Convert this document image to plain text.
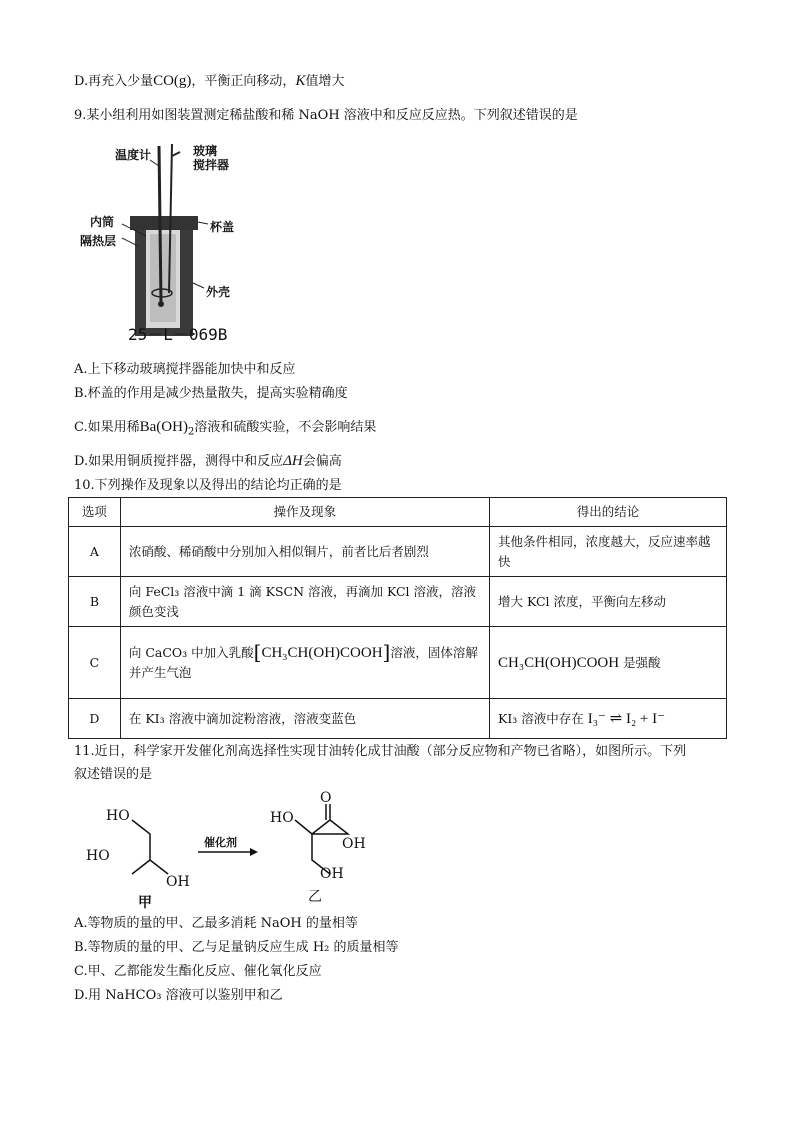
D.再充入少量CO(g)，平衡正向移动，K值增大
9.某小组利用如图装置测定稀盐酸和稀 NaOH 溶液中和反应反应热。下列叙述错误的是
温度计	玻璃
搅拌器
内筒
隔热层
杯盖
外壳
25－L－069B
A.上下移动玻璃搅拌器能加快中和反应
B.杯盖的作用是减少热量散失，提高实验精确度
C.如果用稀$Ba(OH)_2$溶液和硫酸实验，不会影响结果
D.如果用铜质搅拌器，测得中和反应ΔH会偏高
10.下列操作及现象以及得出的结论均正确的是
选项	操作及现象	得出的结论
A	浓硝酸、稀硝酸中分别加入相似铜片，前者比后者剧烈	其他条件相同，浓度越大，反应速率越快
B	向 FeCl₃ 溶液中滴 1 滴 KSCN 溶液，再滴加 KCl 溶液，溶液颜色变浅	增大 KCl 浓度，平衡向左移动
C	向 CaCO₃ 中加入乳酸[CH₃CH(OH)COOH]溶液，固体溶解并产生气泡	CH₃CH(OH)COOH 是强酸
D	在 KI₃ 溶液中滴加淀粉溶液，溶液变蓝色	KI₃ 溶液中存在 I₃⁻ ⇌ I₂ + I⁻
11.近日，科学家开发催化剂高选择性实现甘油转化成甘油酸（部分反应物和产物已省略），如图所示。下列
叙述错误的是
HO
HO
OH
甲
催化剂
HO
O
OH
OH
乙
A.等物质的量的甲、乙最多消耗 NaOH 的量相等
B.等物质的量的甲、乙与足量钠反应生成 H₂ 的质量相等
C.甲、乙都能发生酯化反应、催化氧化反应
D.用 NaHCO₃ 溶液可以鉴别甲和乙
